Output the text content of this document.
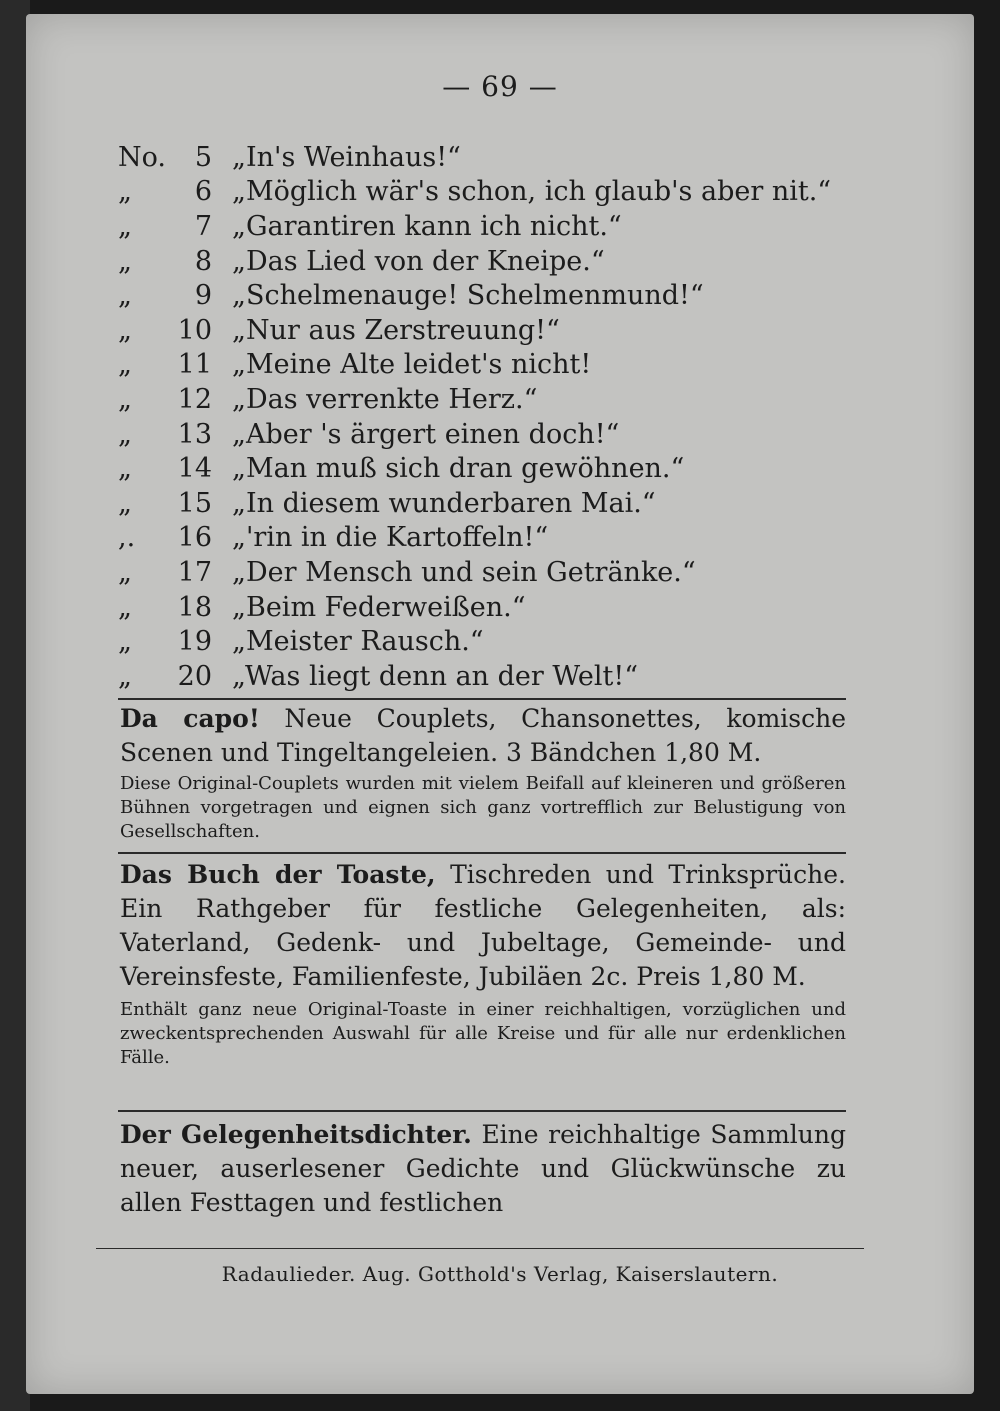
— 69 —
No.	5 „In's Weinhaus!“
„	6 „Möglich wär's schon, ich glaub's aber nit.“
„	7 „Garantiren kann ich nicht.“
„	8 „Das Lied von der Kneipe.“
„	9 „Schelmenauge! Schelmenmund!“
„	10 „Nur aus Zerstreuung!“
„	11 „Meine Alte leidet's nicht!
„	12 „Das verrenkte Herz.“
„	13 „Aber 's ärgert einen doch!“
„	14 „Man muß sich dran gewöhnen.“
„	15 „In diesem wunderbaren Mai.“
,.	16 „'rin in die Kartoffeln!“
„	17 „Der Mensch und sein Getränke.“
„	18 „Beim Federweißen.“
„	19 „Meister Rausch.“
„	20 „Was liegt denn an der Welt!“
Da capo! Neue Couplets, Chansonettes, komische Scenen und Tingeltangeleien. 3 Bändchen 1,80 M.
Diese Original-Couplets wurden mit vielem Beifall auf kleineren und größeren Bühnen vorgetragen und eignen sich ganz vortrefflich zur Belustigung von Gesellschaften.
Das Buch der Toaste, Tischreden und Trinksprüche. Ein Rathgeber für festliche Gelegenheiten, als: Vaterland, Gedenk- und Jubeltage, Gemeinde- und Vereinsfeste, Familienfeste, Jubiläen 2c. Preis 1,80 M.
Enthält ganz neue Original-Toaste in einer reichhaltigen, vorzüglichen und zweckentsprechenden Auswahl für alle Kreise und für alle nur erdenklichen Fälle.
Der Gelegenheitsdichter. Eine reichhaltige Sammlung neuer, auserlesener Gedichte und Glückwünsche zu allen Festtagen und festlichen
Radaulieder. Aug. Gotthold's Verlag, Kaiserslautern.
